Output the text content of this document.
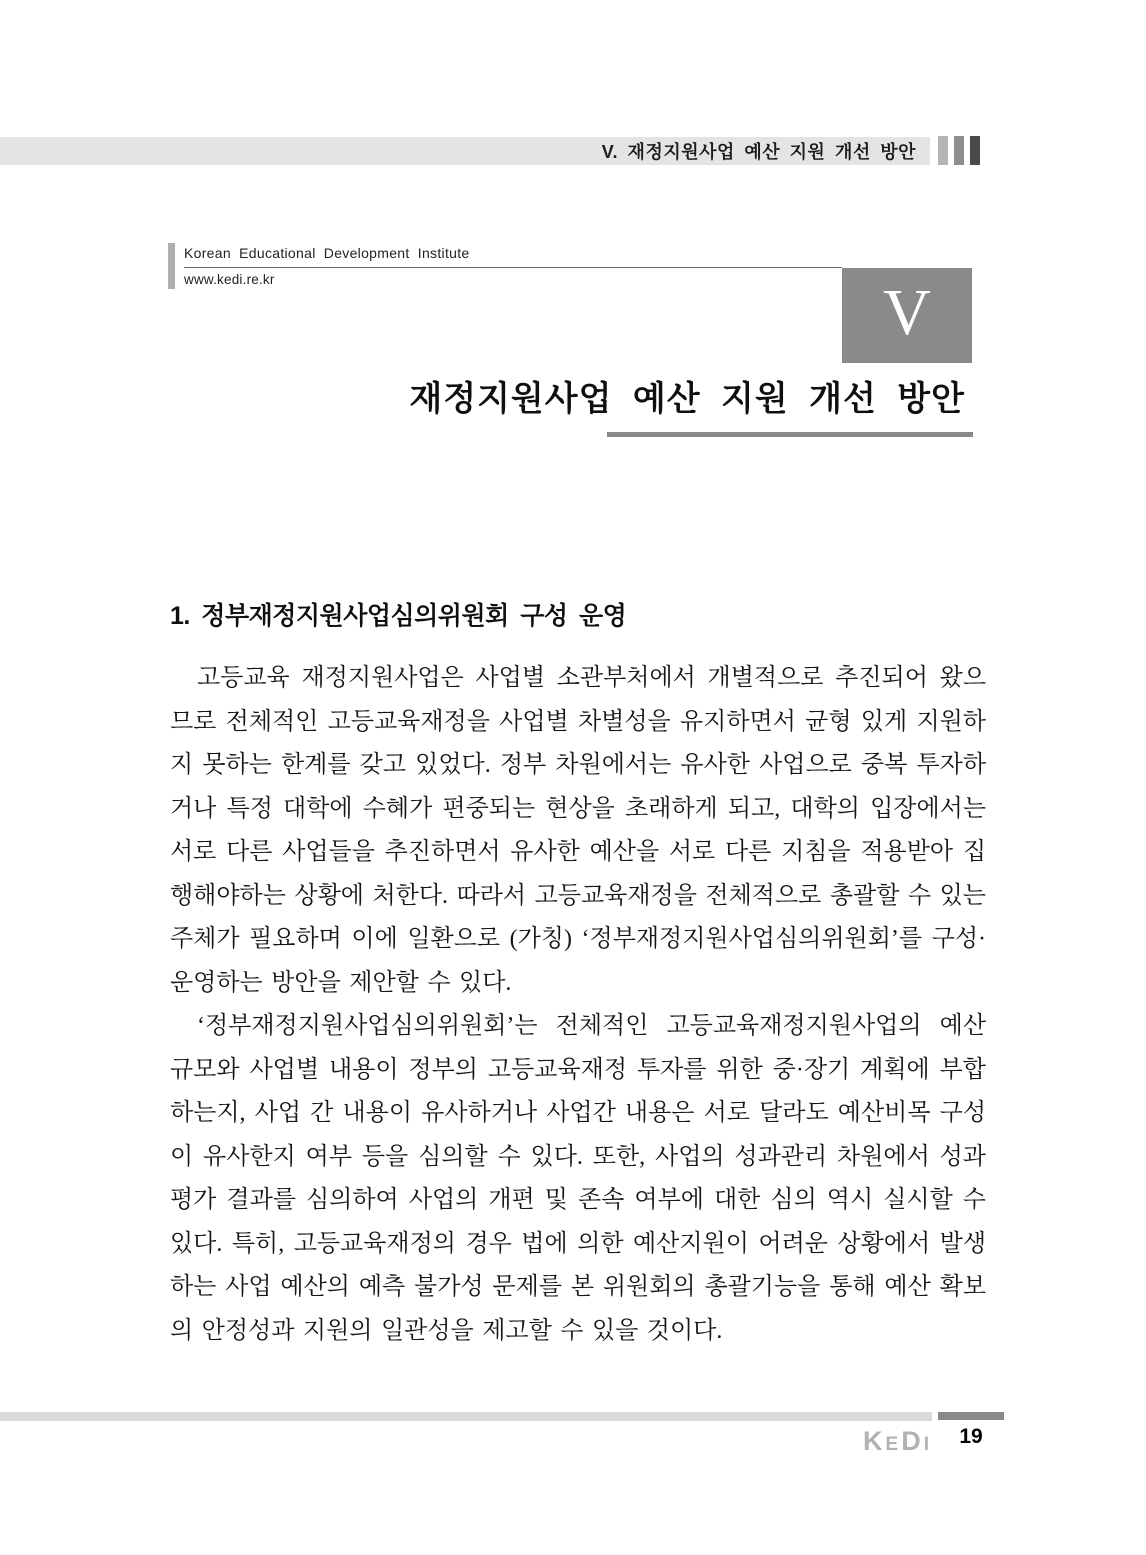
V. 재정지원사업 예산 지원 개선 방안
Korean Educational Development Institute
www.kedi.re.kr	V
재정지원사업 예산 지원 개선 방안
1. 정부재정지원사업심의위원회 구성 운영

고등교육 재정지원사업은 사업별 소관부처에서 개별적으로 추진되어 왔으므로 전체적인 고등교육재정을 사업별 차별성을 유지하면서 균형 있게 지원하지 못하는 한계를 갖고 있었다. 정부 차원에서는 유사한 사업으로 중복 투자하거나 특정 대학에 수혜가 편중되는 현상을 초래하게 되고, 대학의 입장에서는 서로 다른 사업들을 추진하면서 유사한 예산을 서로 다른 지침을 적용받아 집행해야하는 상황에 처한다. 따라서 고등교육재정을 전체적으로 총괄할 수 있는 주체가 필요하며 이에 일환으로 (가칭) ‘정부재정지원사업심의위원회’를 구성·운영하는 방안을 제안할 수 있다.

‘정부재정지원사업심의위원회’는 전체적인 고등교육재정지원사업의 예산 규모와 사업별 내용이 정부의 고등교육재정 투자를 위한 중·장기 계획에 부합하는지, 사업 간 내용이 유사하거나 사업간 내용은 서로 달라도 예산비목 구성이 유사한지 여부 등을 심의할 수 있다. 또한, 사업의 성과관리 차원에서 성과평가 결과를 심의하여 사업의 개편 및 존속 여부에 대한 심의 역시 실시할 수 있다. 특히, 고등교육재정의 경우 법에 의한 예산지원이 어려운 상황에서 발생하는 사업 예산의 예측 불가성 문제를 본 위원회의 총괄기능을 통해 예산 확보의 안정성과 지원의 일관성을 제고할 수 있을 것이다.

KEDI	19
